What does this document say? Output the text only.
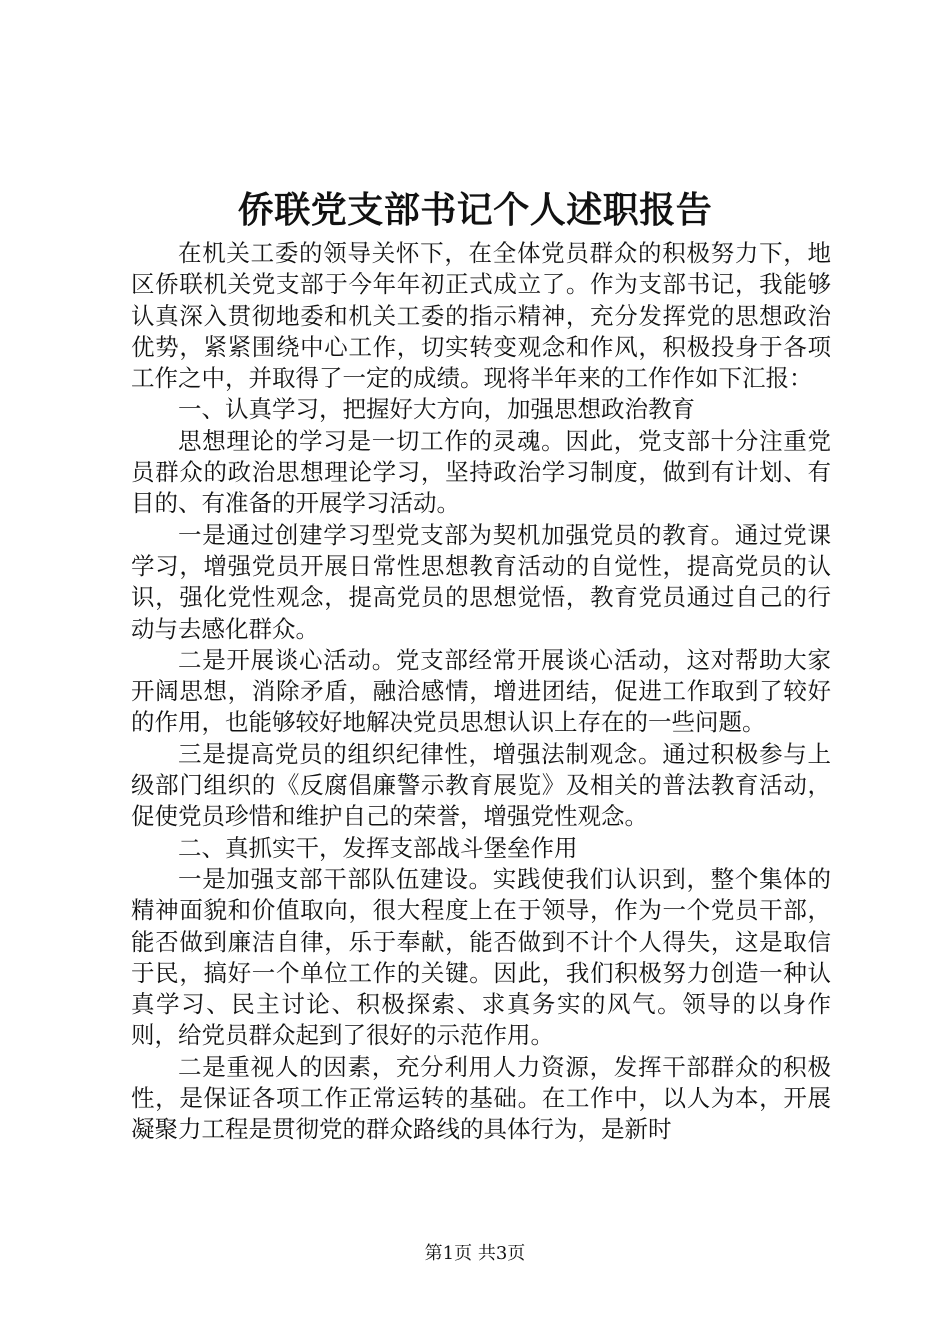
侨联党支部书记个人述职报告

在机关工委的领导关怀下，在全体党员群众的积极努力下，地区侨联机关党支部于今年年初正式成立了。作为支部书记，我能够认真深入贯彻地委和机关工委的指示精神，充分发挥党的思想政治优势，紧紧围绕中心工作，切实转变观念和作风，积极投身于各项工作之中，并取得了一定的成绩。现将半年来的工作作如下汇报：

一、认真学习，把握好大方向，加强思想政治教育

思想理论的学习是一切工作的灵魂。因此，党支部十分注重党员群众的政治思想理论学习，坚持政治学习制度，做到有计划、有目的、有准备的开展学习活动。

一是通过创建学习型党支部为契机加强党员的教育。通过党课学习，增强党员开展日常性思想教育活动的自觉性，提高党员的认识，强化党性观念，提高党员的思想觉悟，教育党员通过自己的行动与去感化群众。

二是开展谈心活动。党支部经常开展谈心活动，这对帮助大家开阔思想，消除矛盾，融洽感情，增进团结，促进工作取到了较好的作用，也能够较好地解决党员思想认识上存在的一些问题。

三是提高党员的组织纪律性，增强法制观念。通过积极参与上级部门组织的《反腐倡廉警示教育展览》及相关的普法教育活动，促使党员珍惜和维护自己的荣誉，增强党性观念。

二、真抓实干，发挥支部战斗堡垒作用

一是加强支部干部队伍建设。实践使我们认识到，整个集体的精神面貌和价值取向，很大程度上在于领导，作为一个党员干部，能否做到廉洁自律，乐于奉献，能否做到不计个人得失，这是取信于民，搞好一个单位工作的关键。因此，我们积极努力创造一种认真学习、民主讨论、积极探索、求真务实的风气。领导的以身作则，给党员群众起到了很好的示范作用。

二是重视人的因素，充分利用人力资源，发挥干部群众的积极性，是保证各项工作正常运转的基础。在工作中，以人为本，开展凝聚力工程是贯彻党的群众路线的具体行为，是新时

第1页 共3页
